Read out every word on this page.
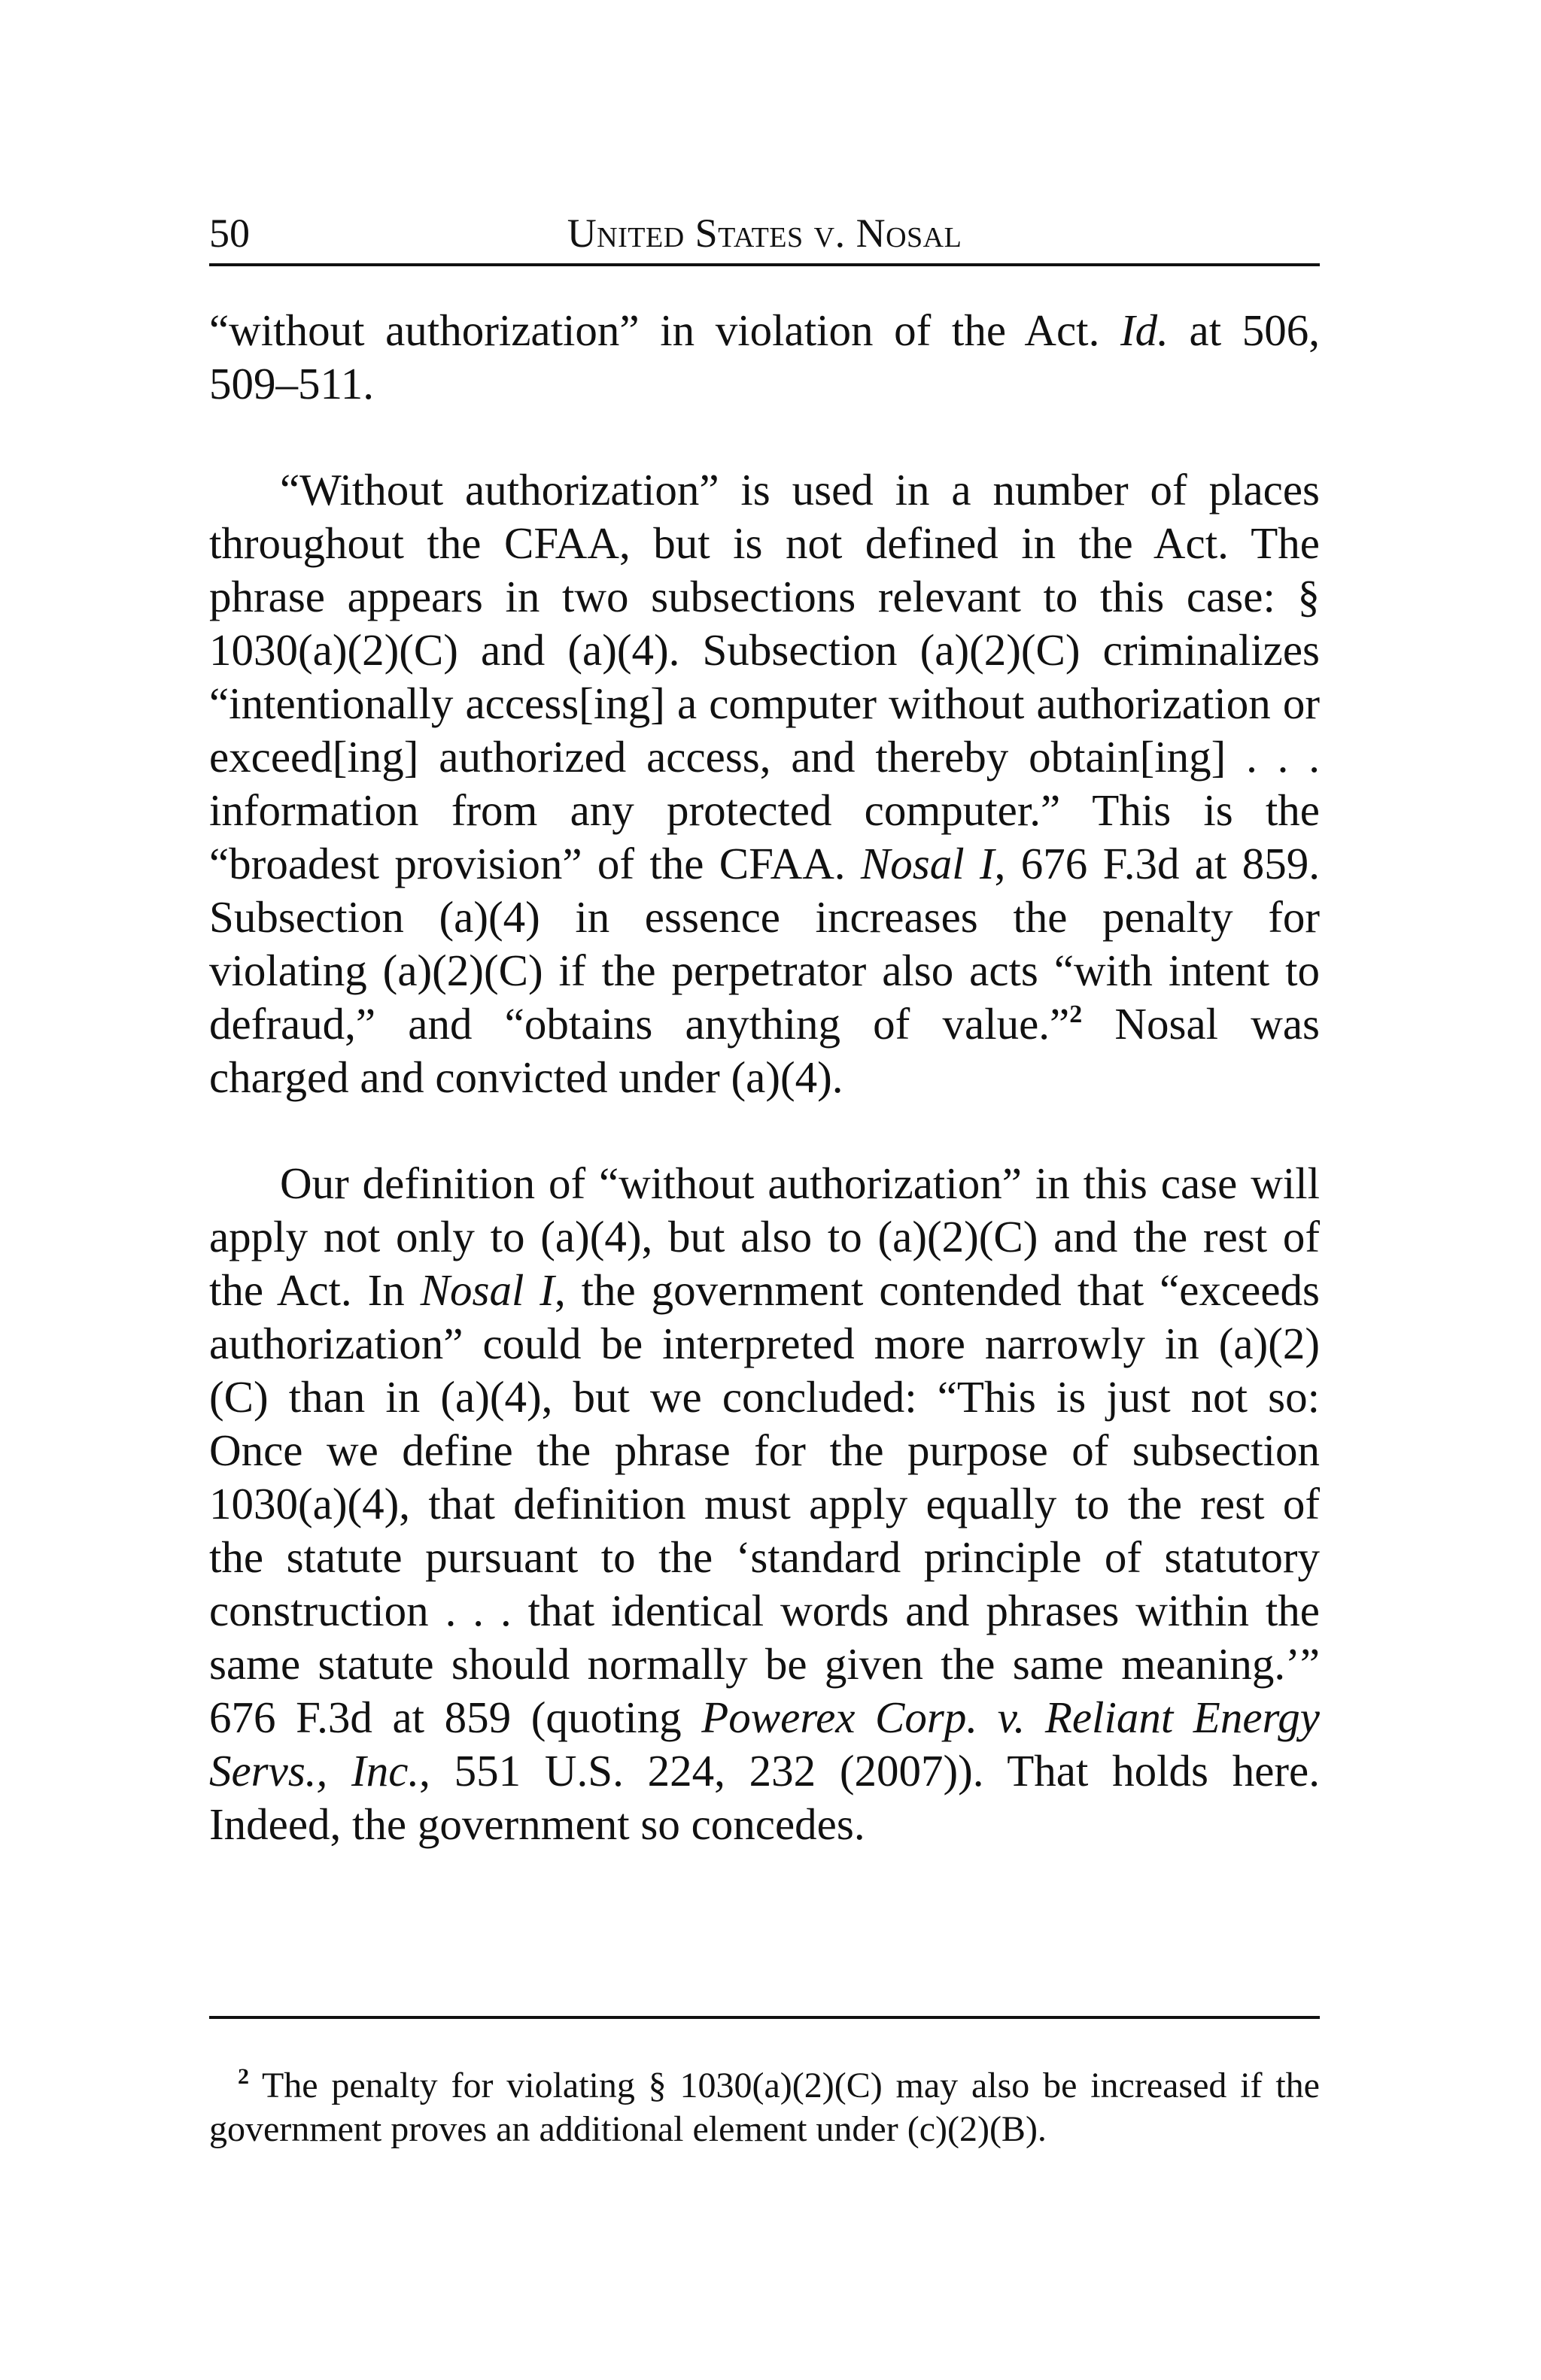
50	United States v. Nosal

“without authorization” in violation of the Act. Id. at 506, 509–511.

“Without authorization” is used in a number of places throughout the CFAA, but is not defined in the Act. The phrase appears in two subsections relevant to this case: § 1030(a)(2)(C) and (a)(4). Subsection (a)(2)(C) criminalizes “intentionally access[ing] a computer without authorization or exceed[ing] authorized access, and thereby obtain[ing] . . . information from any protected computer.” This is the “broadest provision” of the CFAA. Nosal I, 676 F.3d at 859. Subsection (a)(4) in essence increases the penalty for violating (a)(2)(C) if the perpetrator also acts “with intent to defraud,” and “obtains anything of value.”$^2$ Nosal was charged and convicted under (a)(4).

Our definition of “without authorization” in this case will apply not only to (a)(4), but also to (a)(2)(C) and the rest of the Act. In Nosal I, the government contended that “exceeds authorization” could be interpreted more narrowly in (a)(2)(C) than in (a)(4), but we concluded: “This is just not so: Once we define the phrase for the purpose of subsection 1030(a)(4), that definition must apply equally to the rest of the statute pursuant to the ‘standard principle of statutory construction . . . that identical words and phrases within the same statute should normally be given the same meaning.’” 676 F.3d at 859 (quoting Powerex Corp. v. Reliant Energy Servs., Inc., 551 U.S. 224, 232 (2007)). That holds here. Indeed, the government so concedes.

$^2$ The penalty for violating § 1030(a)(2)(C) may also be increased if the government proves an additional element under (c)(2)(B).
